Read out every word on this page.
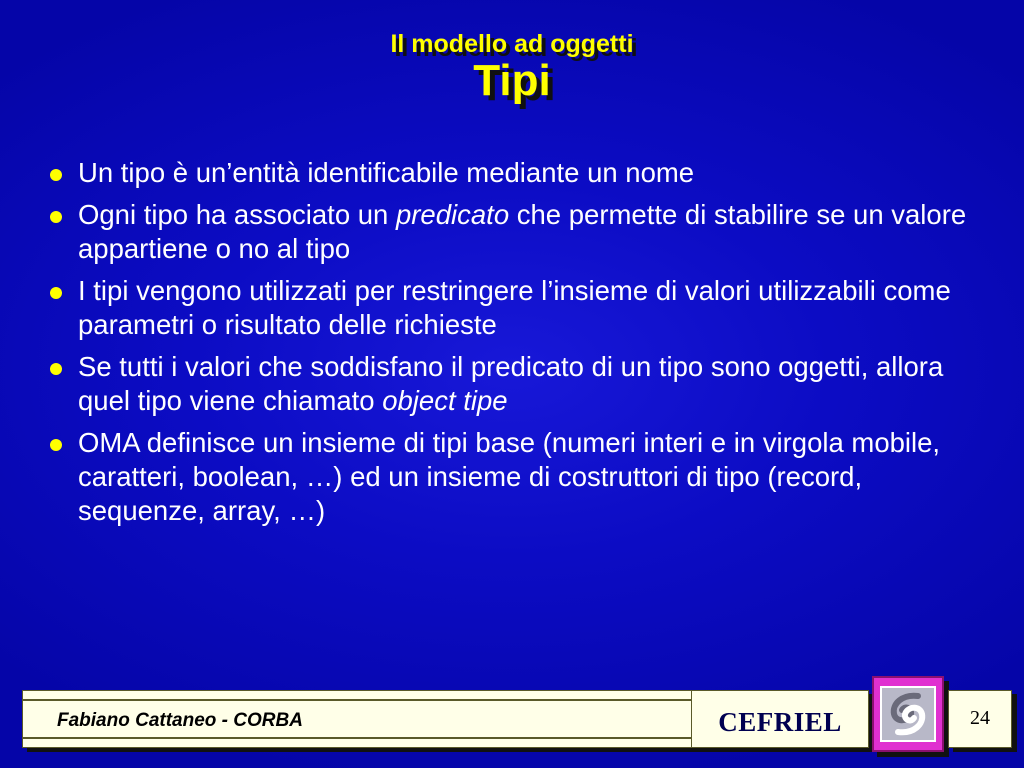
Il modello ad oggetti
Tipi
Un tipo è un’entità identificabile mediante un nome
Ogni tipo ha associato un predicato che permette di stabilire se un valore appartiene o no al tipo
I tipi vengono utilizzati per restringere l’insieme di valori utilizzabili come parametri o risultato delle richieste
Se tutti i valori che soddisfano il predicato di un tipo sono oggetti, allora quel tipo viene chiamato object tipe
OMA definisce un insieme di tipi base (numeri interi e in virgola mobile, caratteri, boolean, …) ed un insieme di costruttori di tipo (record, sequenze, array, …)
Fabiano Cattaneo - CORBA	CEFRIEL	24
